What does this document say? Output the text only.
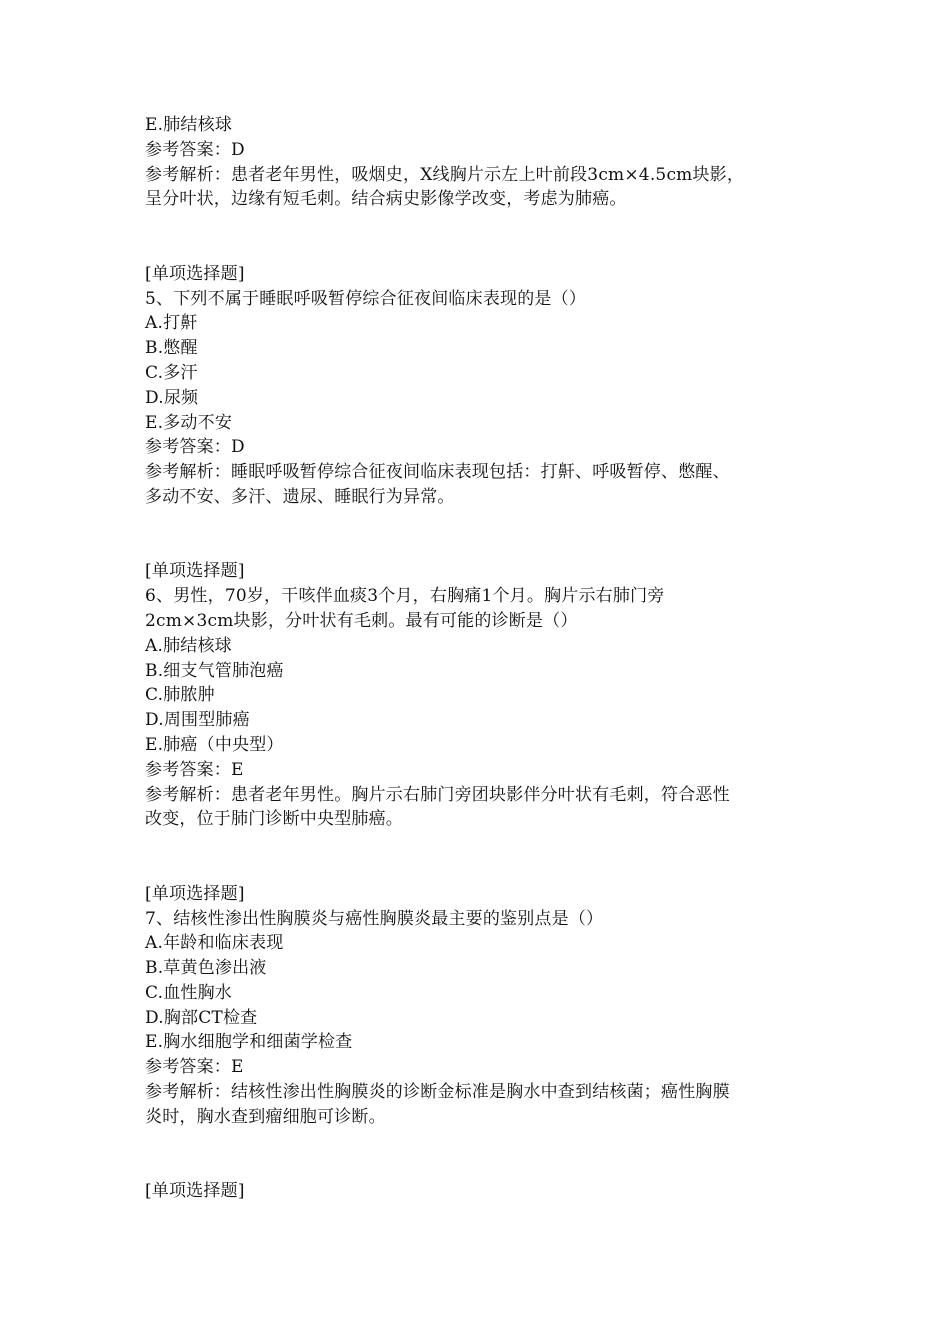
E.肺结核球

参考答案：D

参考解析：患者老年男性，吸烟史，X线胸片示左上叶前段3cm×4.5cm块影，

呈分叶状，边缘有短毛刺。结合病史影像学改变，考虑为肺癌。

[单项选择题]

5、下列不属于睡眠呼吸暂停综合征夜间临床表现的是（）

A.打鼾

B.憋醒

C.多汗

D.尿频

E.多动不安

参考答案：D

参考解析：睡眠呼吸暂停综合征夜间临床表现包括：打鼾、呼吸暂停、憋醒、

多动不安、多汗、遗尿、睡眠行为异常。

[单项选择题]

6、男性，70岁，干咳伴血痰3个月，右胸痛1个月。胸片示右肺门旁

2cm×3cm块影，分叶状有毛刺。最有可能的诊断是（）

A.肺结核球

B.细支气管肺泡癌

C.肺脓肿

D.周围型肺癌

E.肺癌（中央型）

参考答案：E

参考解析：患者老年男性。胸片示右肺门旁团块影伴分叶状有毛刺，符合恶性

改变，位于肺门诊断中央型肺癌。

[单项选择题]

7、结核性渗出性胸膜炎与癌性胸膜炎最主要的鉴别点是（）

A.年龄和临床表现

B.草黄色渗出液

C.血性胸水

D.胸部CT检查

E.胸水细胞学和细菌学检查

参考答案：E

参考解析：结核性渗出性胸膜炎的诊断金标准是胸水中查到结核菌；癌性胸膜

炎时，胸水查到瘤细胞可诊断。

[单项选择题]
